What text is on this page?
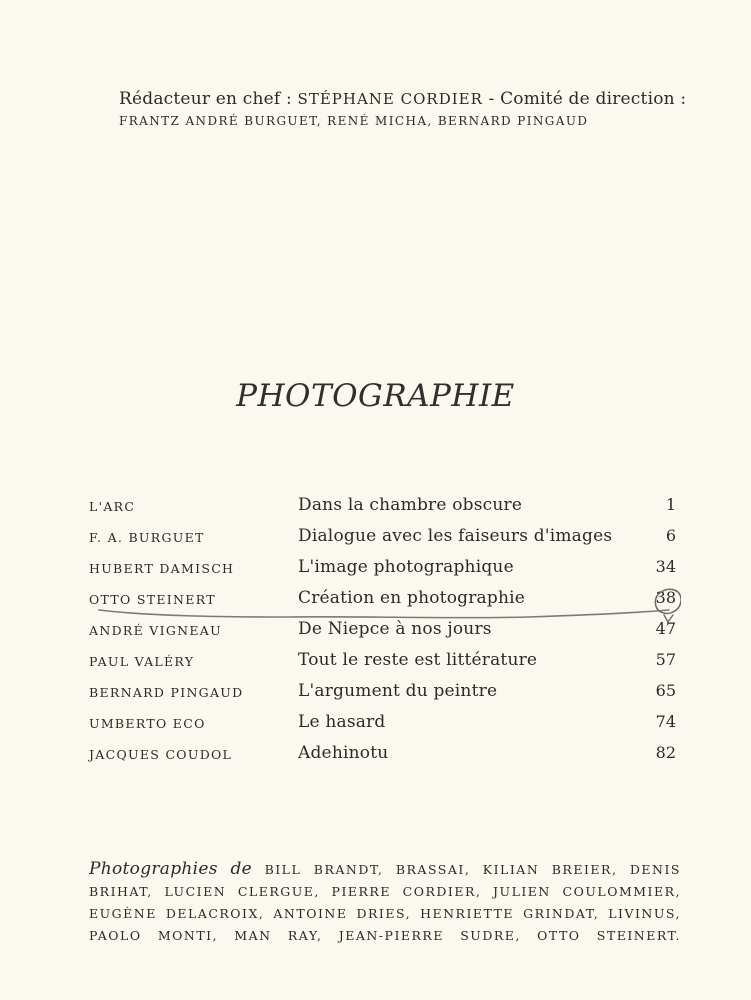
Rédacteur en chef : STÉPHANE CORDIER - Comité de direction :
FRANTZ ANDRÉ BURGUET, RENÉ MICHA, BERNARD PINGAUD
PHOTOGRAPHIE
L'ARC	Dans la chambre obscure	1
F. A. BURGUET	Dialogue avec les faiseurs d'images	6
HUBERT DAMISCH	L'image photographique	34
OTTO STEINERT	Création en photographie	38
ANDRÉ VIGNEAU	De Niepce à nos jours	47
PAUL VALÉRY	Tout le reste est littérature	57
BERNARD PINGAUD	L'argument du peintre	65
UMBERTO ECO	Le hasard	74
JACQUES COUDOL	Adehinotu	82
Photographies de BILL BRANDT, BRASSAI, KILIAN BREIER, DENIS
BRIHAT, LUCIEN CLERGUE, PIERRE CORDIER, JULIEN COULOMMIER,
EUGÈNE DELACROIX, ANTOINE DRIES, HENRIETTE GRINDAT, LIVINUS,
PAOLO MONTI, MAN RAY, JEAN-PIERRE SUDRE, OTTO STEINERT.
